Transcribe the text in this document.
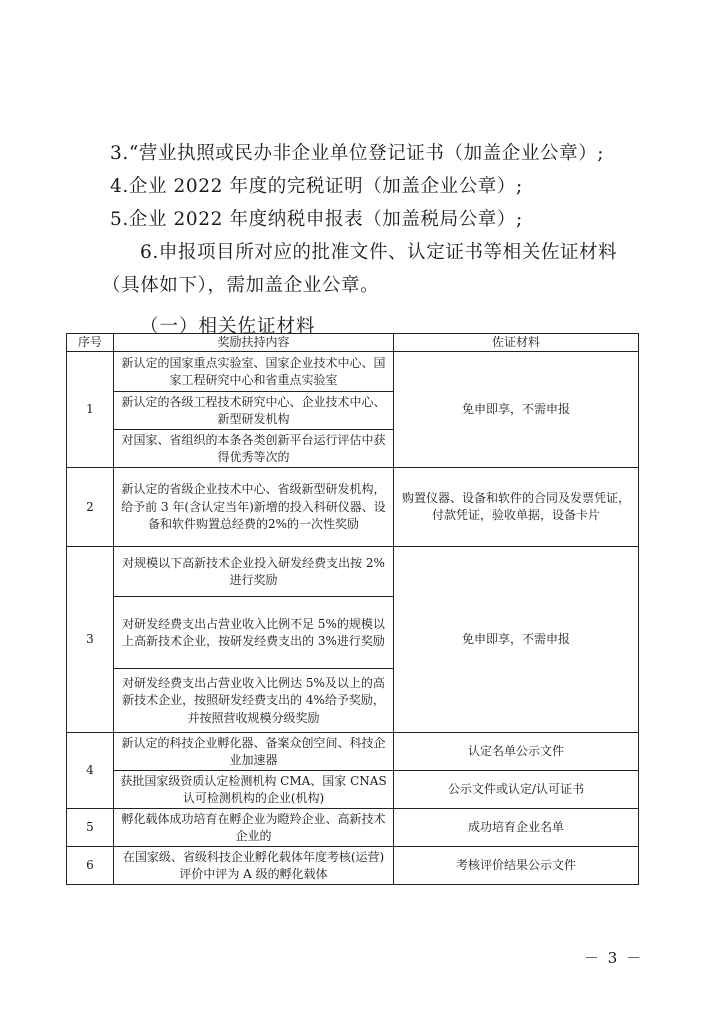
3.“营业执照或民办非企业单位登记证书（加盖企业公章）;
4.企业 2022 年度的完税证明（加盖企业公章）;
5.企业 2022 年度纳税申报表（加盖税局公章）;
6.申报项目所对应的批准文件、认定证书等相关佐证材料
（具体如下），需加盖企业公章。
（一）相关佐证材料
序号	奖励扶持内容	佐证材料
1	新认定的国家重点实验室、国家企业技术中心、国家工程研究中心和省重点实验室	免申即享，不需申报
	新认定的各级工程技术研究中心、企业技术中心、新型研发机构	
	对国家、省组织的本条各类创新平台运行评估中获得优秀等次的	
2	新认定的省级企业技术中心、省级新型研发机构，给予前 3 年(含认定当年)新增的投入科研仪器、设备和软件购置总经费的2%的一次性奖励	购置仪器、设备和软件的合同及发票凭证，付款凭证，验收单据，设备卡片
3	对规模以下高新技术企业投入研发经费支出按 2%进行奖励	免申即享，不需申报
	对研发经费支出占营业收入比例不足 5%的规模以上高新技术企业，按研发经费支出的 3%进行奖励	
	对研发经费支出占营业收入比例达 5%及以上的高新技术企业，按照研发经费支出的 4%给予奖励，并按照营收规模分级奖励	
4	新认定的科技企业孵化器、备案众创空间、科技企业加速器	认定名单公示文件
	获批国家级资质认定检测机构 CMA、国家 CNAS 认可检测机构的企业(机构)	公示文件或认定/认可证书
5	孵化载体成功培育在孵企业为瞪羚企业、高新技术企业的	成功培育企业名单
6	在国家级、省级科技企业孵化载体年度考核(运营)评价中评为 A 级的孵化载体	考核评价结果公示文件
－ 3 －
